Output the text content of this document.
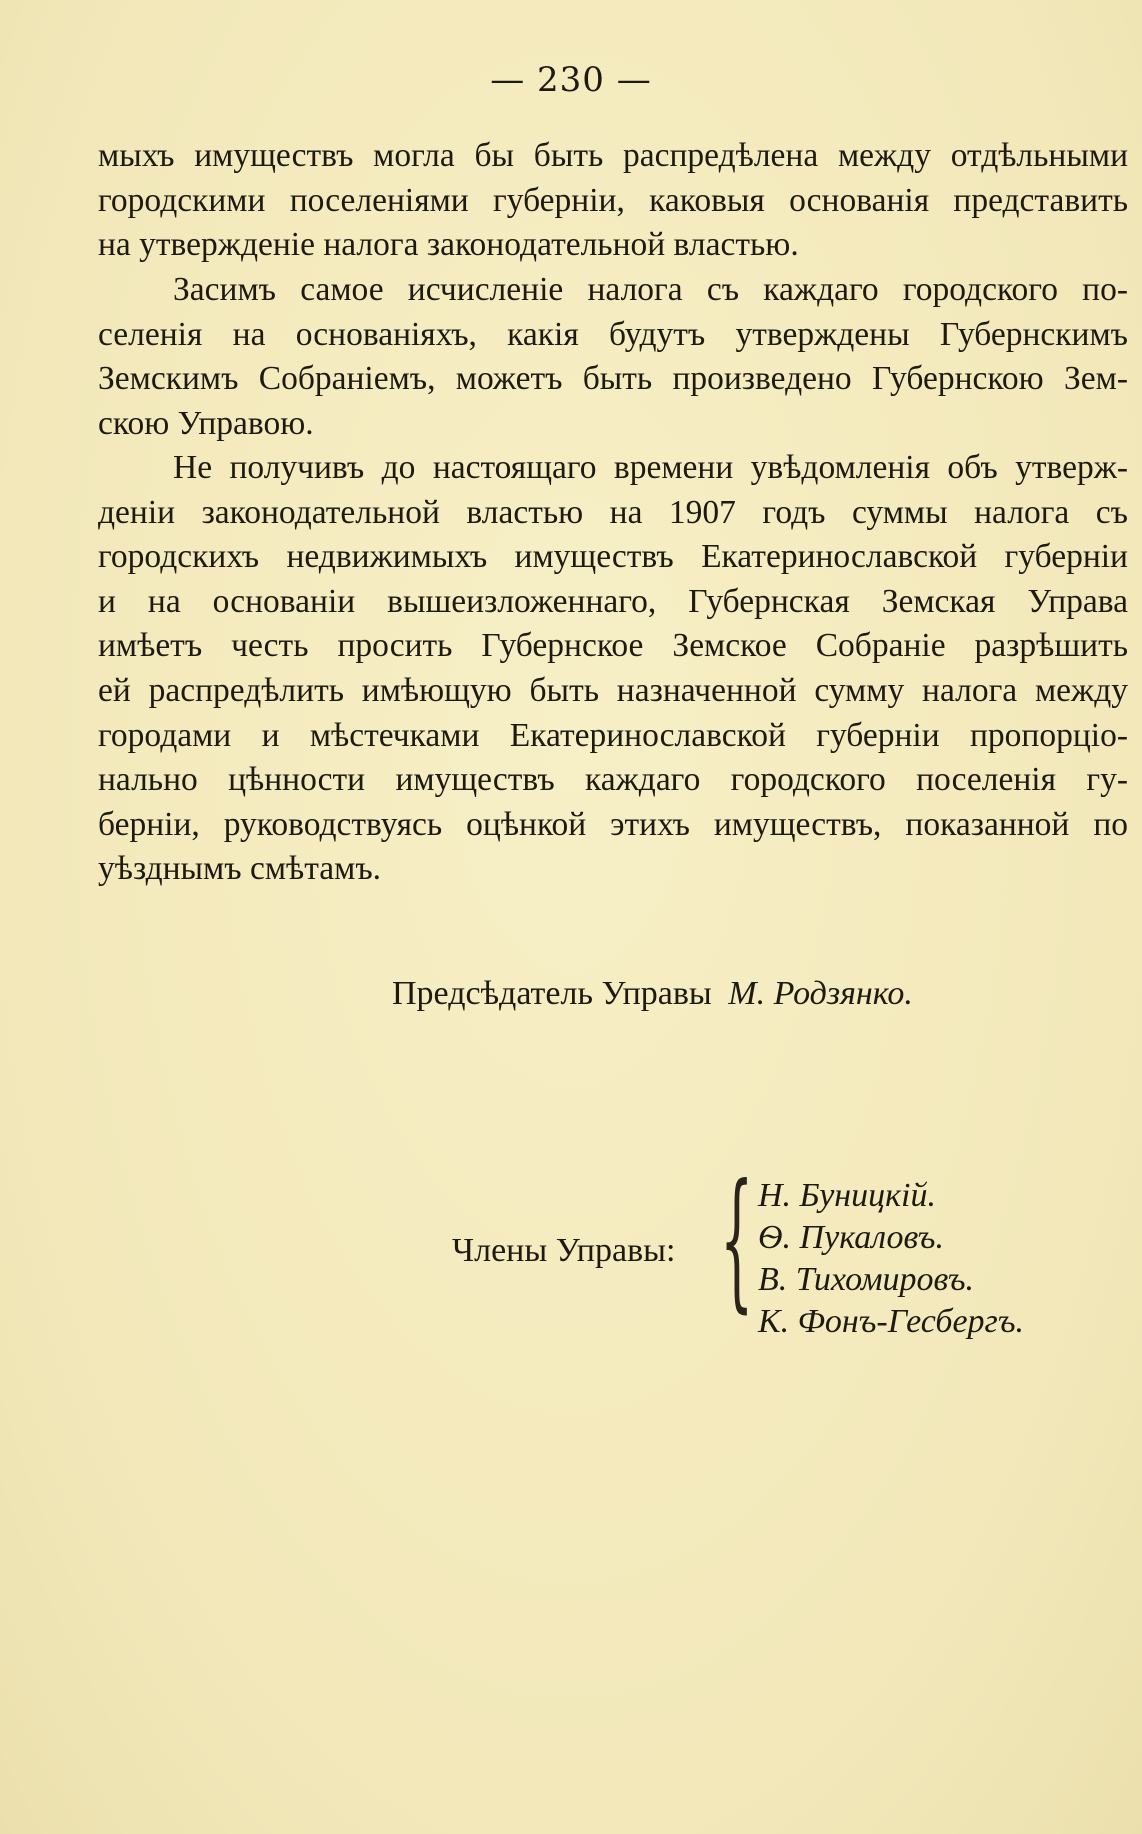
— 230 —
мыхъ имуществъ могла бы быть распредѣлена между отдѣльными
городскими поселеніями губерніи, каковыя основанія представить
на утвержденіе налога законодательной властью.
Засимъ самое исчисленіе налога съ каждаго городского по-
селенія на основаніяхъ, какія будутъ утверждены Губернскимъ
Земскимъ Собраніемъ, можетъ быть произведено Губернскою Зем-
скою Управою.
Не получивъ до настоящаго времени увѣдомленія объ утверж-
деніи законодательной властью на 1907 годъ суммы налога съ
городскихъ недвижимыхъ имуществъ Екатеринославской губерніи
и на основаніи вышеизложеннаго, Губернская Земская Управа
имѣетъ честь просить Губернское Земское Собраніе разрѣшить
ей распредѣлить имѣющую быть назначенной сумму налога между
городами и мѣстечками Екатеринославской губерніи пропорціо-
нально цѣнности имуществъ каждаго городского поселенія гу-
берніи, руководствуясь оцѣнкой этихъ имуществъ, показанной по
уѣзднымъ смѣтамъ.
Предсѣдатель Управы М. Родзянко.
Члены Управы: { Н. Буницкій.
Ѳ. Пукаловъ.
В. Тихомировъ.
К. Фонъ-Гесбергъ.
